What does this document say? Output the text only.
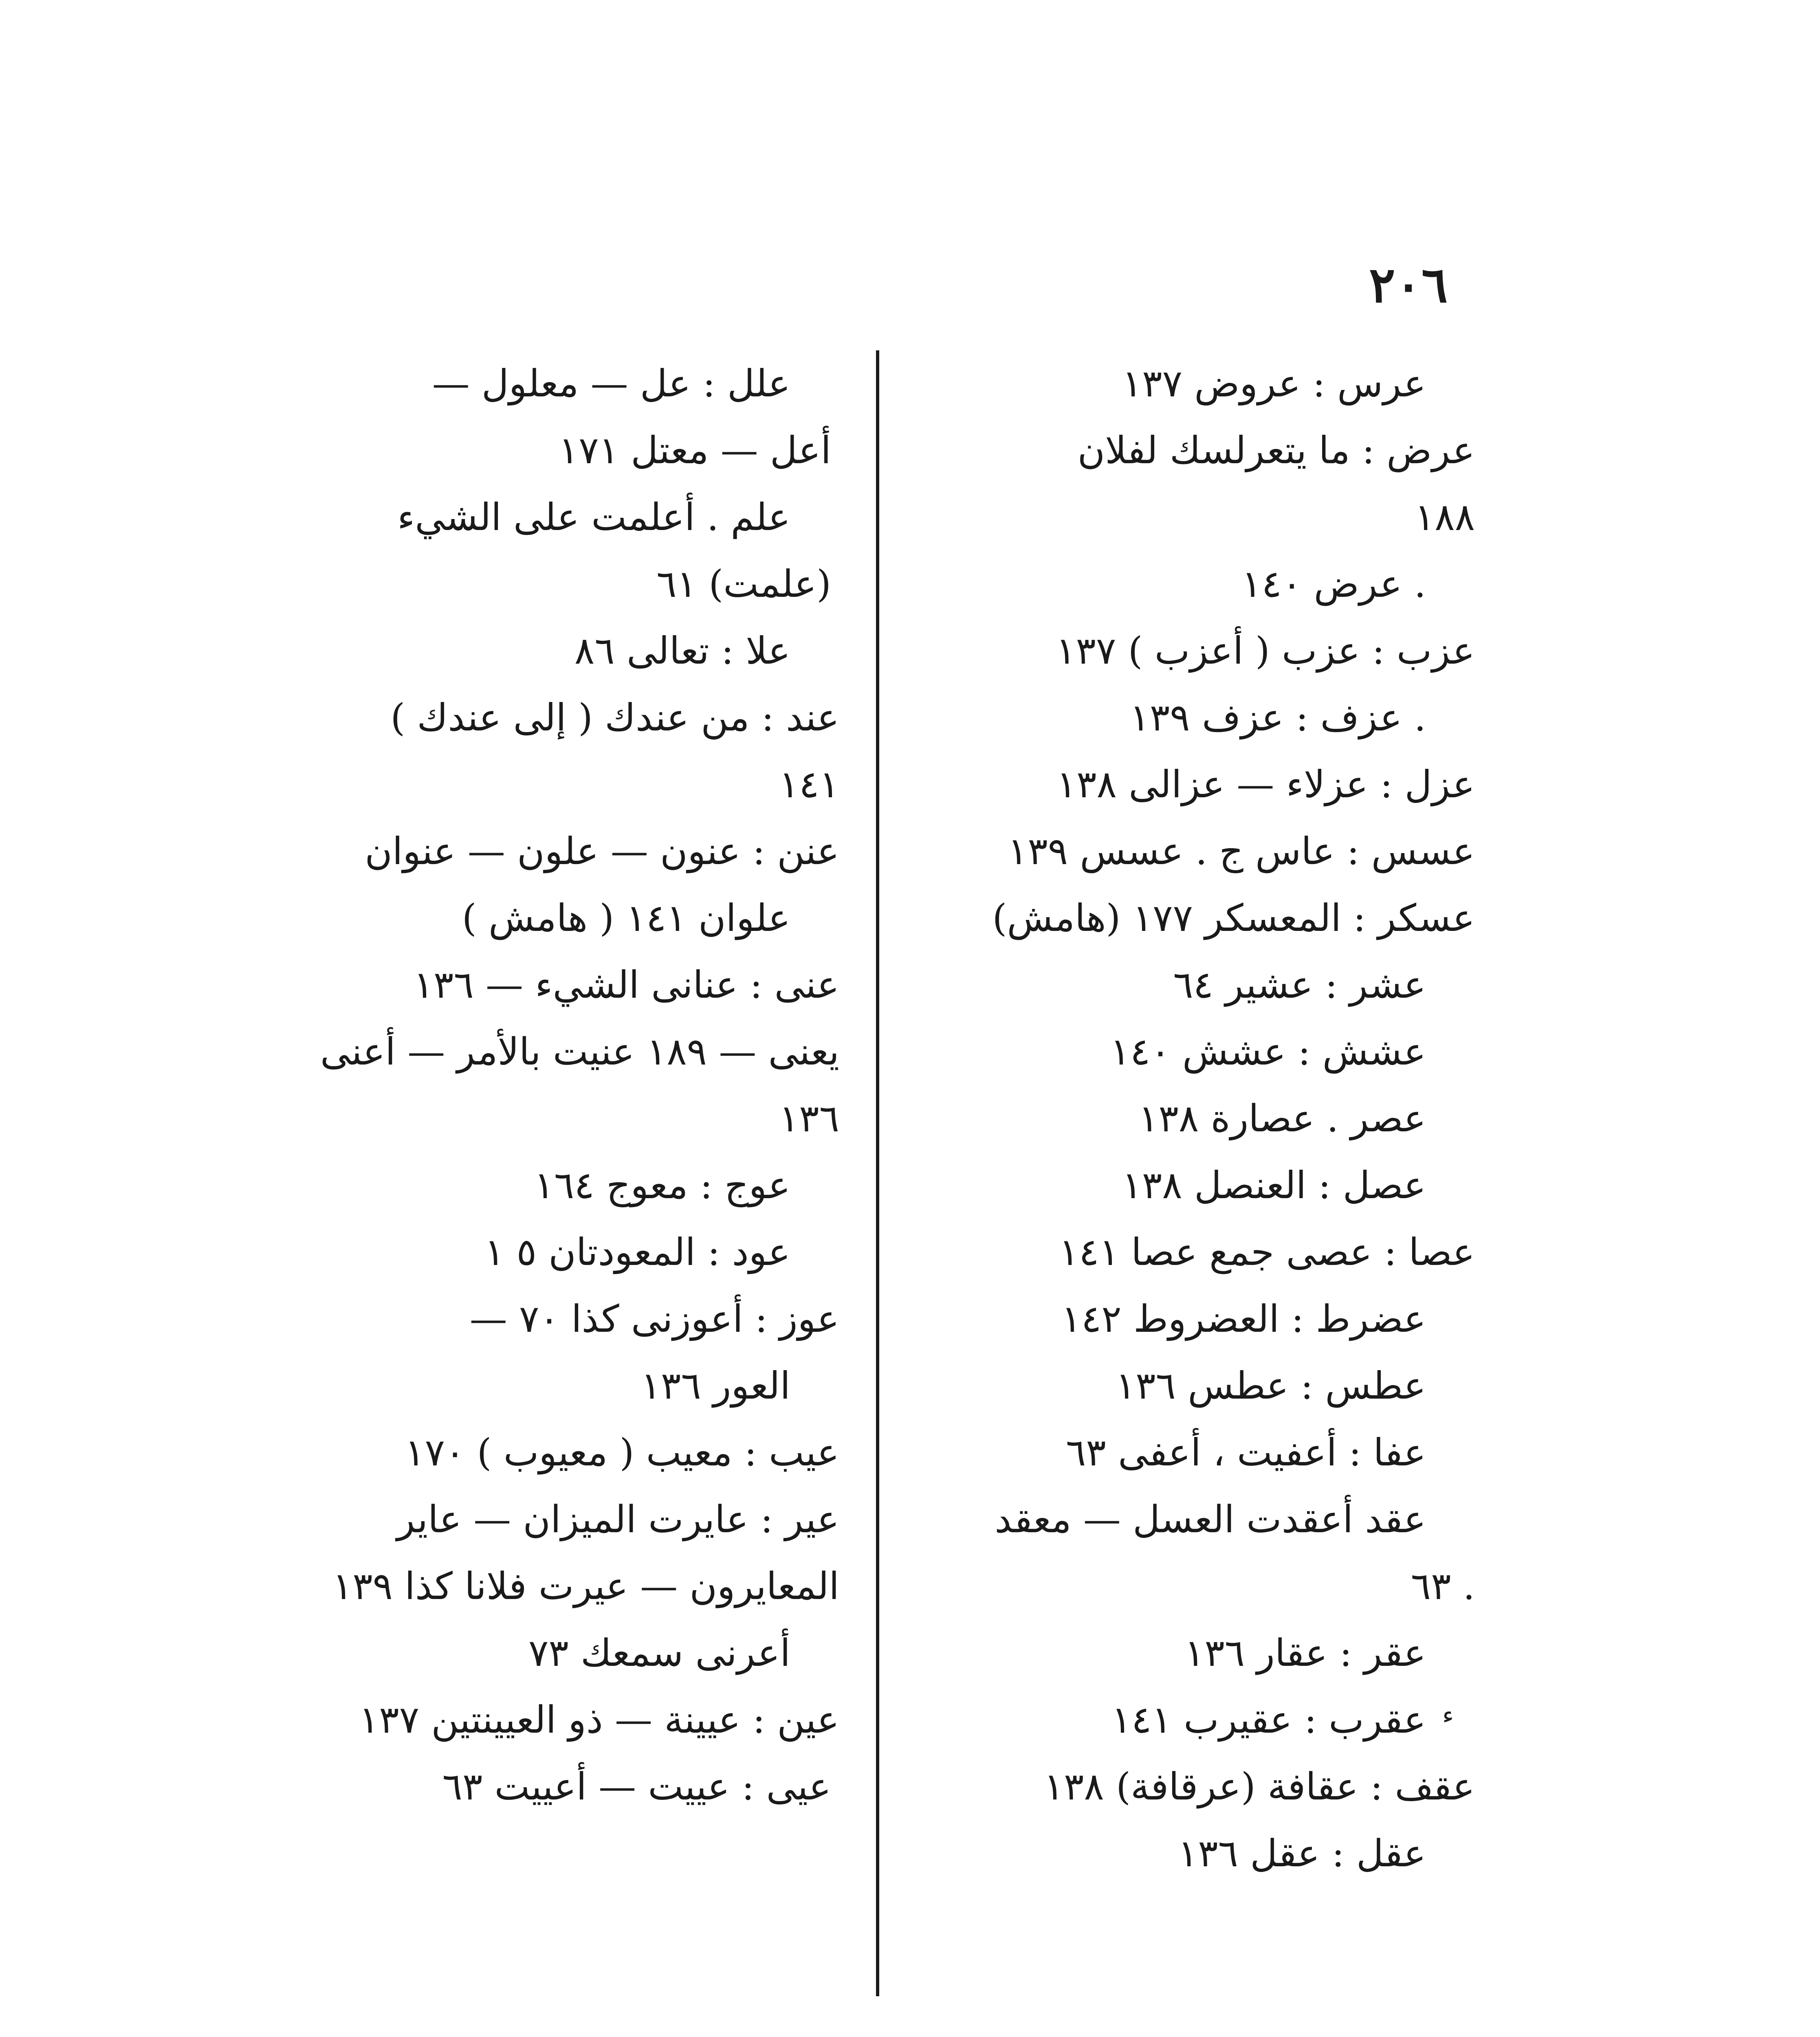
٢٠٦
عرس : عروض ١٣٧
عرض : ما يتعرلسك لفلان
١٨٨
. عرض ١٤٠
عزب : عزب ( أعزب ) ١٣٧
. عزف : عزف ١٣٩
عزل : عزلاء — عزالى ١٣٨
عسس : عاس ج . عسس ١٣٩
عسكر : المعسكر ١٧٧ (هامش)
عشر : عشير ٦٤
عشش : عشش ١٤٠
عصر . عصارة ١٣٨
عصل : العنصل ١٣٨
عصا : عصى جمع عصا ١٤١
عضرط : العضروط ١٤٢
عطس : عطس ١٣٦
عفا : أعفيت ، أعفى ٦٣
عقد أعقدت العسل — معقد
. ٦٣
عقر : عقار ١٣٦
عقرب : عقيرب ١٤١
عقف : عقافة (عرقافة) ١٣٨
عقل : عقل ١٣٦
علل : عل — معلول —
أعل — معتل ١٧١
علم . أعلمت على الشيء
(علمت) ٦١
علا : تعالى ٨٦
عند : من عندك ( إلى عندك )
١٤١
عنن : عنون — علون — عنوان
علوان ١٤١ ( هامش )
عنى : عنانى الشيء — ١٣٦
يعنى — ١٨٩ عنيت بالأمر — أعنى
١٣٦
عوج : معوج ١٦٤
عود : المعودتان ٥ ١
عوز : أعوزنى كذا ٧٠ —
العور ١٣٦
عيب : معيب ( معيوب ) ١٧٠
عير : عايرت الميزان — عاير
المعايرون — عيرت فلانا كذا ١٣٩
أعرنى سمعك ٧٣
عين : عيينة — ذو العيينتين ١٣٧
عيى : عييت — أعييت ٦٣
ء
